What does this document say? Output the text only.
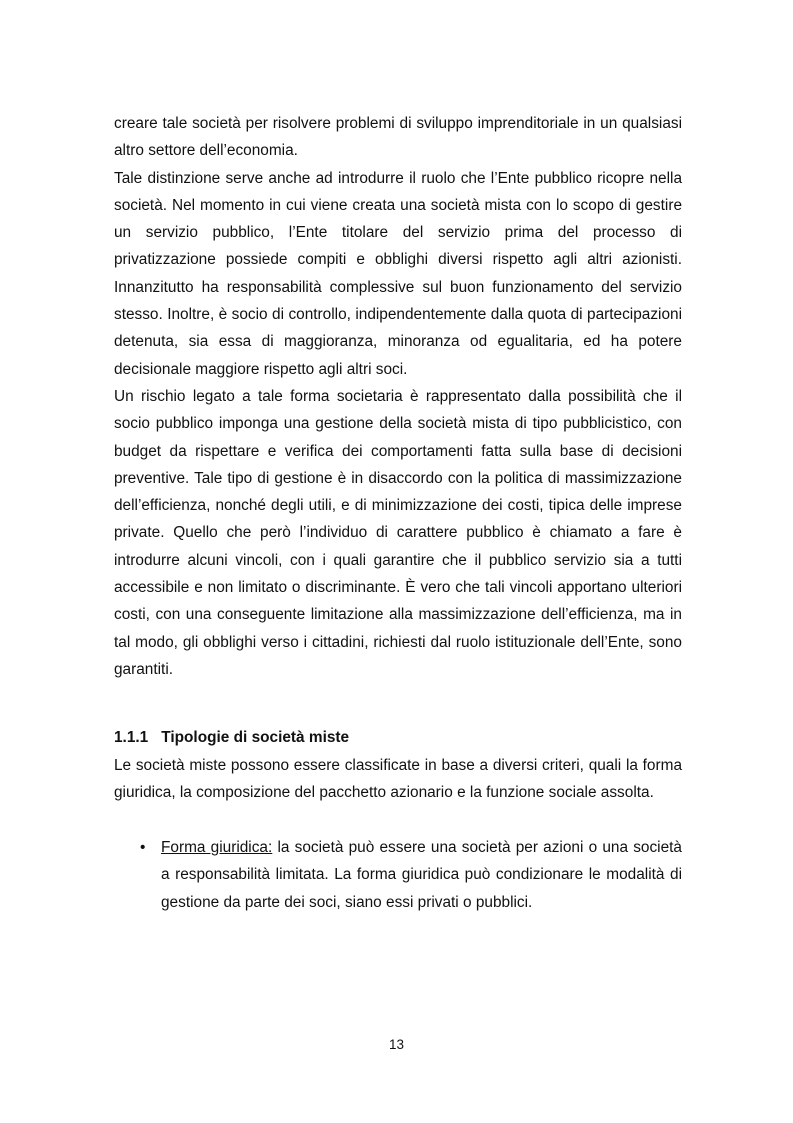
creare tale società per risolvere problemi di sviluppo imprenditoriale in un qualsiasi altro settore dell’economia.

Tale distinzione serve anche ad introdurre il ruolo che l’Ente pubblico ricopre nella società. Nel momento in cui viene creata una società mista con lo scopo di gestire un servizio pubblico, l’Ente titolare del servizio prima del processo di privatizzazione possiede compiti e obblighi diversi rispetto agli altri azionisti. Innanzitutto ha responsabilità complessive sul buon funzionamento del servizio stesso. Inoltre, è socio di controllo, indipendentemente dalla quota di partecipazioni detenuta, sia essa di maggioranza, minoranza od egualitaria, ed ha potere decisionale maggiore rispetto agli altri soci.

Un rischio legato a tale forma societaria è rappresentato dalla possibilità che il socio pubblico imponga una gestione della società mista di tipo pubblicistico, con budget da rispettare e verifica dei comportamenti fatta sulla base di decisioni preventive. Tale tipo di gestione è in disaccordo con la politica di massimizzazione dell’efficienza, nonché degli utili, e di minimizzazione dei costi, tipica delle imprese private. Quello che però l’individuo di carattere pubblico è chiamato a fare è introdurre alcuni vincoli, con i quali garantire che il pubblico servizio sia a tutti accessibile e non limitato o discriminante. È vero che tali vincoli apportano ulteriori costi, con una conseguente limitazione alla massimizzazione dell’efficienza, ma in tal modo, gli obblighi verso i cittadini, richiesti dal ruolo istituzionale dell’Ente, sono garantiti.

1.1.1 Tipologie di società miste

Le società miste possono essere classificate in base a diversi criteri, quali la forma giuridica, la composizione del pacchetto azionario e la funzione sociale assolta.

• Forma giuridica: la società può essere una società per azioni o una società a responsabilità limitata. La forma giuridica può condizionare le modalità di gestione da parte dei soci, siano essi privati o pubblici.

13
